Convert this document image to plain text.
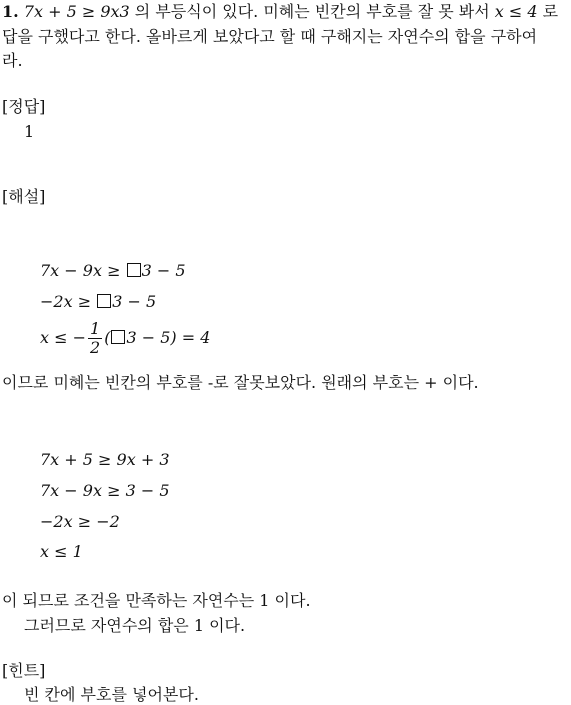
1. 7x + 5 ≥ 9x3 의 부등식이 있다. 미혜는 빈칸의 부호를 잘 못 봐서 x ≤ 4 로
답을 구했다고 한다. 올바르게 보았다고 할 때 구해지는 자연수의 합을 구하여
라.
[정답]
1
[해설]
7x − 9x ≥ 3 − 5
−2x ≥ 3 − 5
x ≤ − $\frac{1}{2}$ ( 3 − 5) = 4
이므로 미혜는 빈칸의 부호를 -로 잘못보았다. 원래의 부호는 + 이다.
7x + 5 ≥ 9x + 3
7x − 9x ≥ 3 − 5
−2x ≥ −2
x ≤ 1
이 되므로 조건을 만족하는 자연수는 1 이다.
그러므로 자연수의 합은 1 이다.
[힌트]
빈 칸에 부호를 넣어본다.
